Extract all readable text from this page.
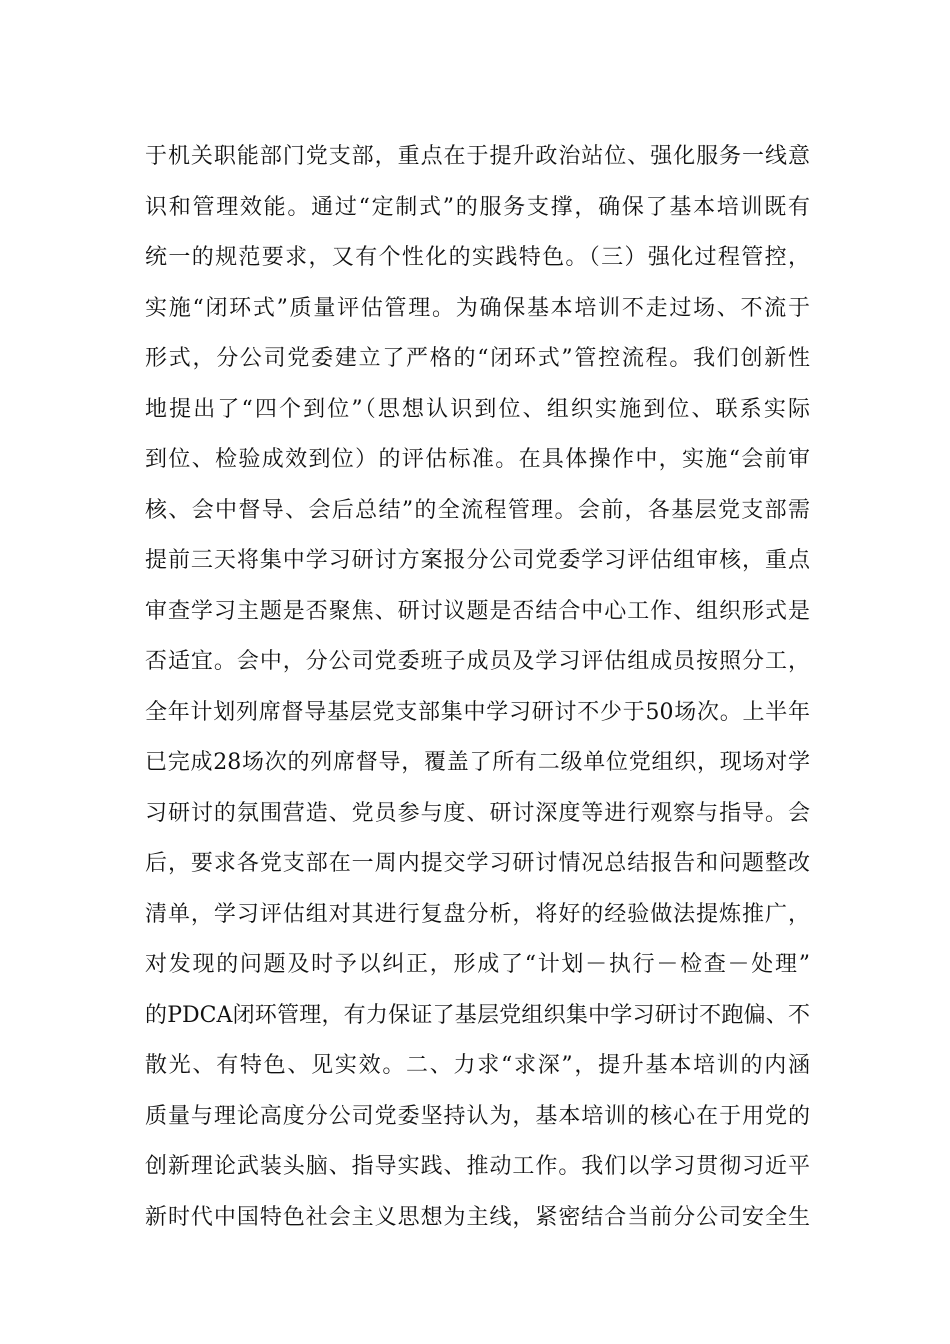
于机关职能部门党支部，重点在于提升政治站位、强化服务一线意
识和管理效能。通过“定制式”的服务支撑，确保了基本培训既有
统一的规范要求，又有个性化的实践特色。（三）强化过程管控，
实施“闭环式”质量评估管理。为确保基本培训不走过场、不流于
形式，分公司党委建立了严格的“闭环式”管控流程。我们创新性
地提出了“四个到位”（思想认识到位、组织实施到位、联系实际
到位、检验成效到位）的评估标准。在具体操作中，实施“会前审
核、会中督导、会后总结”的全流程管理。会前，各基层党支部需
提前三天将集中学习研讨方案报分公司党委学习评估组审核，重点
审查学习主题是否聚焦、研讨议题是否结合中心工作、组织形式是
否适宜。会中，分公司党委班子成员及学习评估组成员按照分工，
全年计划列席督导基层党支部集中学习研讨不少于50场次。上半年
已完成28场次的列席督导，覆盖了所有二级单位党组织，现场对学
习研讨的氛围营造、党员参与度、研讨深度等进行观察与指导。会
后，要求各党支部在一周内提交学习研讨情况总结报告和问题整改
清单，学习评估组对其进行复盘分析，将好的经验做法提炼推广，
对发现的问题及时予以纠正，形成了“计划－执行－检查－处理”
的PDCA闭环管理，有力保证了基层党组织集中学习研讨不跑偏、不
散光、有特色、见实效。二、力求“求深”，提升基本培训的内涵
质量与理论高度分公司党委坚持认为，基本培训的核心在于用党的
创新理论武装头脑、指导实践、推动工作。我们以学习贯彻习近平
新时代中国特色社会主义思想为主线，紧密结合当前分公司安全生
